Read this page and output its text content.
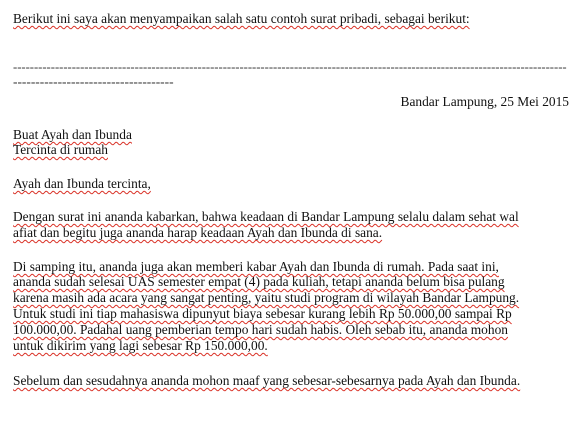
Berikut ini saya akan menyampaikan salah satu contoh surat pribadi, sebagai berikut:
------------------------------------------------------------------------------------------------------------------------------------
------------------------------------
Bandar Lampung, 25 Mei 2015
Buat Ayah dan Ibunda
Tercinta di rumah
Ayah dan Ibunda tercinta,
Dengan surat ini ananda kabarkan, bahwa keadaan di Bandar Lampung selalu dalam sehat wal
afiat dan begitu juga ananda harap keadaan Ayah dan Ibunda di sana.
Di samping itu, ananda juga akan memberi kabar Ayah dan Ibunda di rumah. Pada saat ini,
ananda sudah selesai UAS semester empat (4) pada kuliah, tetapi ananda belum bisa pulang
karena masih ada acara yang sangat penting, yaitu studi program di wilayah Bandar Lampung.
Untuk studi ini tiap mahasiswa dipunyut biaya sebesar kurang lebih Rp 50.000,00 sampai Rp
100.000,00. Padahal uang pemberian tempo hari sudah habis. Oleh sebab itu, ananda mohon
untuk dikirim yang lagi sebesar Rp 150.000,00.
Sebelum dan sesudahnya ananda mohon maaf yang sebesar-sebesarnya pada Ayah dan Ibunda.
